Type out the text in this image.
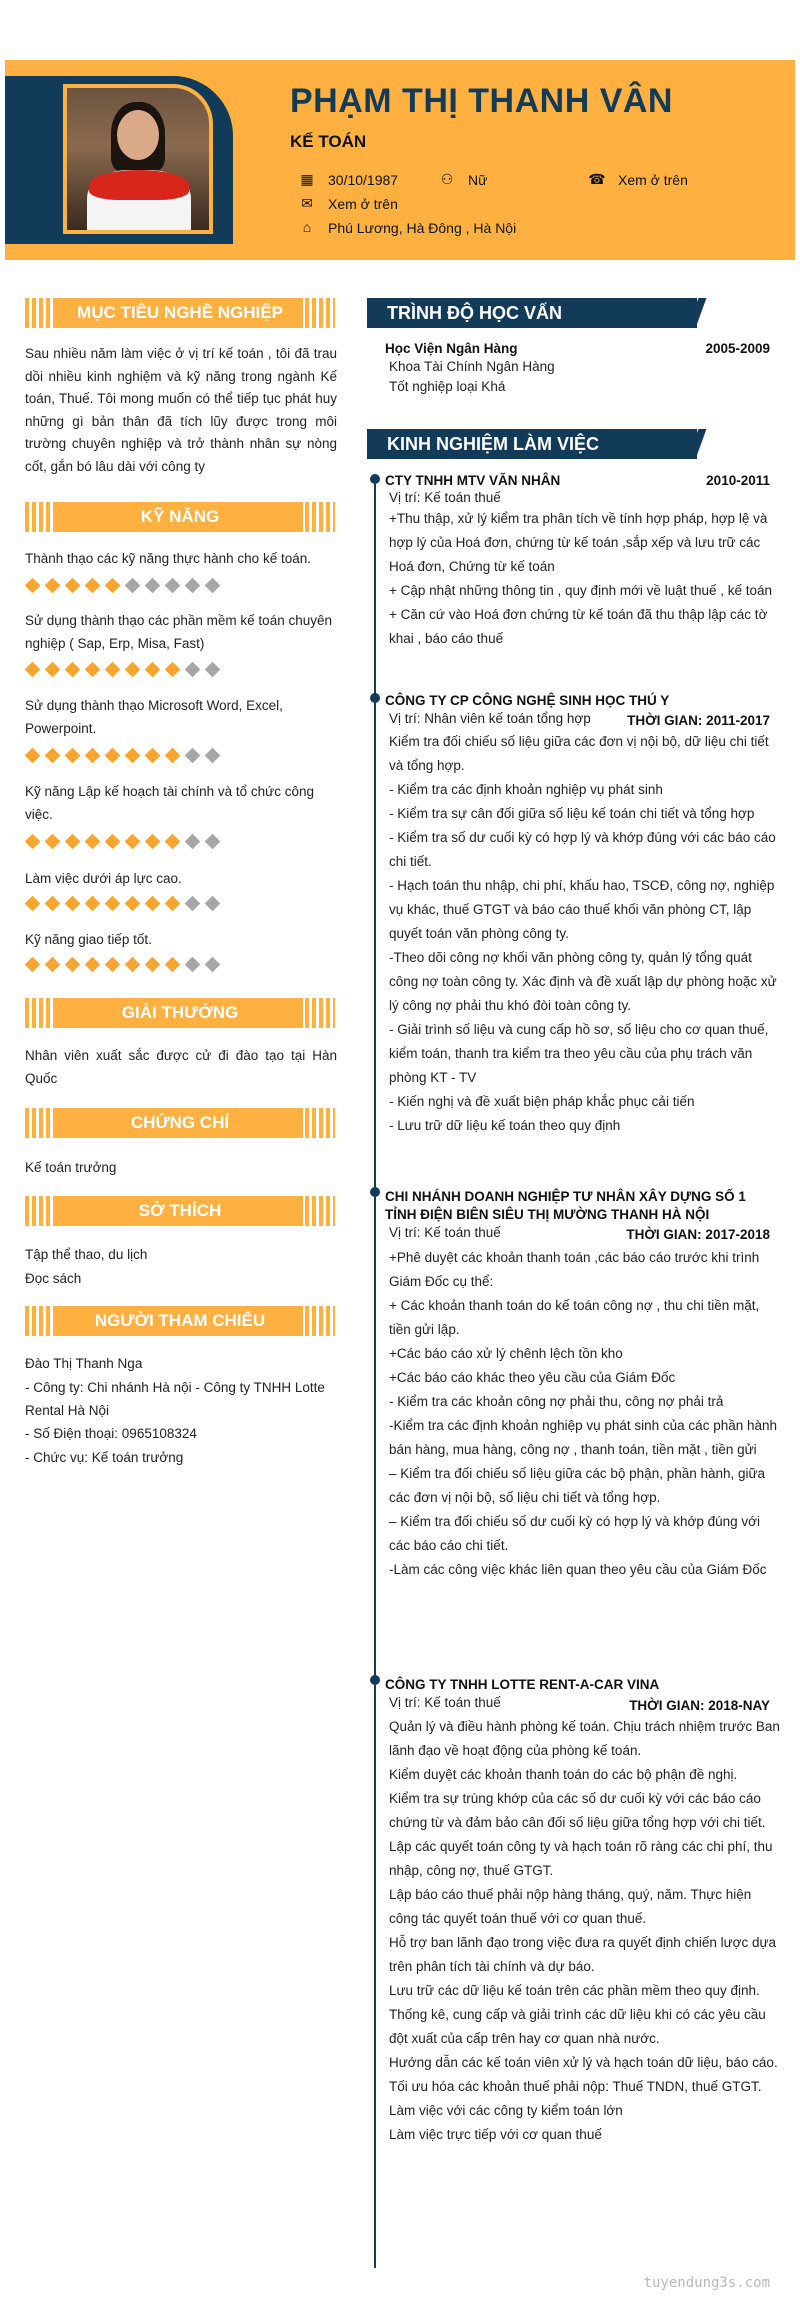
PHẠM THỊ THANH VÂN
KẾ TOÁN
▦ 30/10/1987	⚇ Nữ	☎ Xem ở trên
✉ Xem ở trên
⌂	Phú Lương, Hà Đông , Hà Nội
MỤC TIÊU NGHỀ NGHIỆP
Sau nhiều năm làm việc ở vị trí kế toán , tôi đã trau dồi nhiều kinh nghiệm và kỹ năng trong ngành Kế toán, Thuế. Tôi mong muốn có thể tiếp tục phát huy những gì bản thân đã tích lũy được trong môi trường chuyên nghiệp và trở thành nhân sự nòng cốt, gắn bó lâu dài với công ty
KỸ NĂNG
Thành thạo các kỹ năng thực hành cho kế toán.
Sử dụng thành thạo các phần mềm kế toán chuyên nghiệp ( Sap, Erp, Misa, Fast)
Sử dụng thành thạo Microsoft Word, Excel, Powerpoint.
Kỹ năng Lập kế hoạch tài chính và tổ chức công việc.
Làm việc dưới áp lực cao.
Kỹ năng giao tiếp tốt.
GIẢI THƯỞNG
Nhân viên xuất sắc được cử đi đào tạo tại Hàn Quốc
CHỨNG CHỈ
Kế toán trưởng
SỞ THÍCH
Tập thể thao, du lịch
Đọc sách
NGƯỜI THAM CHIẾU
Đào Thị Thanh Nga
- Công ty: Chi nhánh Hà nội - Công ty TNHH Lotte Rental Hà Nội
- Số Điện thoại: 0965108324
- Chức vụ: Kế toán trưởng
TRÌNH ĐỘ HỌC VẤN
Học Viện Ngân Hàng	2005-2009
Khoa Tài Chính Ngân Hàng
Tốt nghiệp loại Khá
KINH NGHIỆM LÀM VIỆC
CTY TNHH MTV VĂN NHÂN	2010-2011
Vị trí: Kế toán thuế

+Thu thập, xử lý kiểm tra phân tích về tính hợp pháp, hợp lệ và hợp lý của Hoá đơn, chứng từ kế toán ,sắp xếp và lưu trữ các Hoá đơn, Chứng từ kế toán

+ Cập nhật những thông tin , quy định mới về luật thuế , kế toán

+ Căn cứ vào Hoá đơn chứng từ kế toán đã thu thập lập các tờ khai , báo cáo thuế

CÔNG TY CP CÔNG NGHỆ SINH HỌC THÚ Y
THỜI GIAN: 2011-2017
Vị trí: Nhân viên kế toán tổng hợp

Kiểm tra đối chiếu số liệu giữa các đơn vị nội bộ, dữ liệu chi tiết và tổng hợp.

- Kiểm tra các định khoản nghiệp vụ phát sinh

- Kiểm tra sự cân đối giữa số liệu kế toán chi tiết và tổng hợp

- Kiểm tra số dư cuối kỳ có hợp lý và khớp đúng với các báo cáo chi tiết.

- Hạch toán thu nhập, chi phí, khấu hao, TSCĐ, công nợ, nghiệp vụ khác, thuế GTGT và báo cáo thuế khối văn phòng CT, lập quyết toán văn phòng công ty.

-Theo dõi công nợ khối văn phòng công ty, quản lý tổng quát công nợ toàn công ty. Xác định và đề xuất lập dự phòng hoặc xử lý công nợ phải thu khó đòi toàn công ty.

- Giải trình số liệu và cung cấp hồ sơ, số liệu cho cơ quan thuế, kiểm toán, thanh tra kiểm tra theo yêu cầu của phụ trách văn phòng KT - TV

- Kiến nghị và đề xuất biện pháp khắc phục cải tiến

- Lưu trữ dữ liệu kế toán theo quy định

CHI NHÁNH DOANH NGHIỆP TƯ NHÂN XÂY DỰNG SỐ 1 TỈNH ĐIỆN BIÊN SIÊU THỊ MƯỜNG THANH HÀ NỘI
THỜI GIAN: 2017-2018
Vị trí: Kế toán thuế

+Phê duyệt các khoản thanh toán ,các báo cáo trước khi trình Giám Đốc cụ thể:

+ Các khoản thanh toán do kế toán công nợ , thu chi tiền mặt, tiền gửi lập.

+Các báo cáo xử lý chênh lệch tồn kho

+Các báo cáo khác theo yêu cầu của Giám Đốc

- Kiểm tra các khoản công nợ phải thu, công nợ phải trả

-Kiểm tra các định khoản nghiệp vụ phát sinh của các phần hành bán hàng, mua hàng, công nợ , thanh toán, tiền mặt , tiền gửi

– Kiểm tra đối chiếu số liệu giữa các bộ phận, phần hành, giữa các đơn vị nội bộ, số liệu chi tiết và tổng hợp.

– Kiểm tra đối chiếu số dư cuối kỳ có hợp lý và khớp đúng với các báo cáo chi tiết.

-Làm các công việc khác liên quan theo yêu cầu của Giám Đốc

CÔNG TY TNHH LOTTE RENT-A-CAR VINA
THỜI GIAN: 2018-NAY
Vị trí: Kế toán thuế

Quản lý và điều hành phòng kế toán. Chịu trách nhiệm trước Ban lãnh đạo về hoạt động của phòng kế toán.

Kiểm duyệt các khoản thanh toán do các bộ phận đề nghị.

Kiểm tra sự trùng khớp của các số dư cuối kỳ với các báo cáo chứng từ và đảm bảo cân đối số liệu giữa tổng hợp với chi tiết.

Lập các quyết toán công ty và hạch toán rõ ràng các chi phí, thu nhập, công nợ, thuế GTGT.

Lập báo cáo thuế phải nộp hàng tháng, quý, năm. Thực hiện công tác quyết toán thuế với cơ quan thuế.

Hỗ trợ ban lãnh đạo trong việc đưa ra quyết định chiến lược dựa trên phân tích tài chính và dự báo.

Lưu trữ các dữ liệu kế toán trên các phần mềm theo quy định.

Thống kê, cung cấp và giải trình các dữ liệu khi có các yêu cầu đột xuất của cấp trên hay cơ quan nhà nước.

Hướng dẫn các kế toán viên xử lý và hạch toán dữ liệu, báo cáo.

Tối ưu hóa các khoản thuế phải nộp: Thuế TNDN, thuế GTGT.

Làm việc với các công ty kiểm toán lớn

Làm việc trực tiếp với cơ quan thuế

tuyendung3s.com
